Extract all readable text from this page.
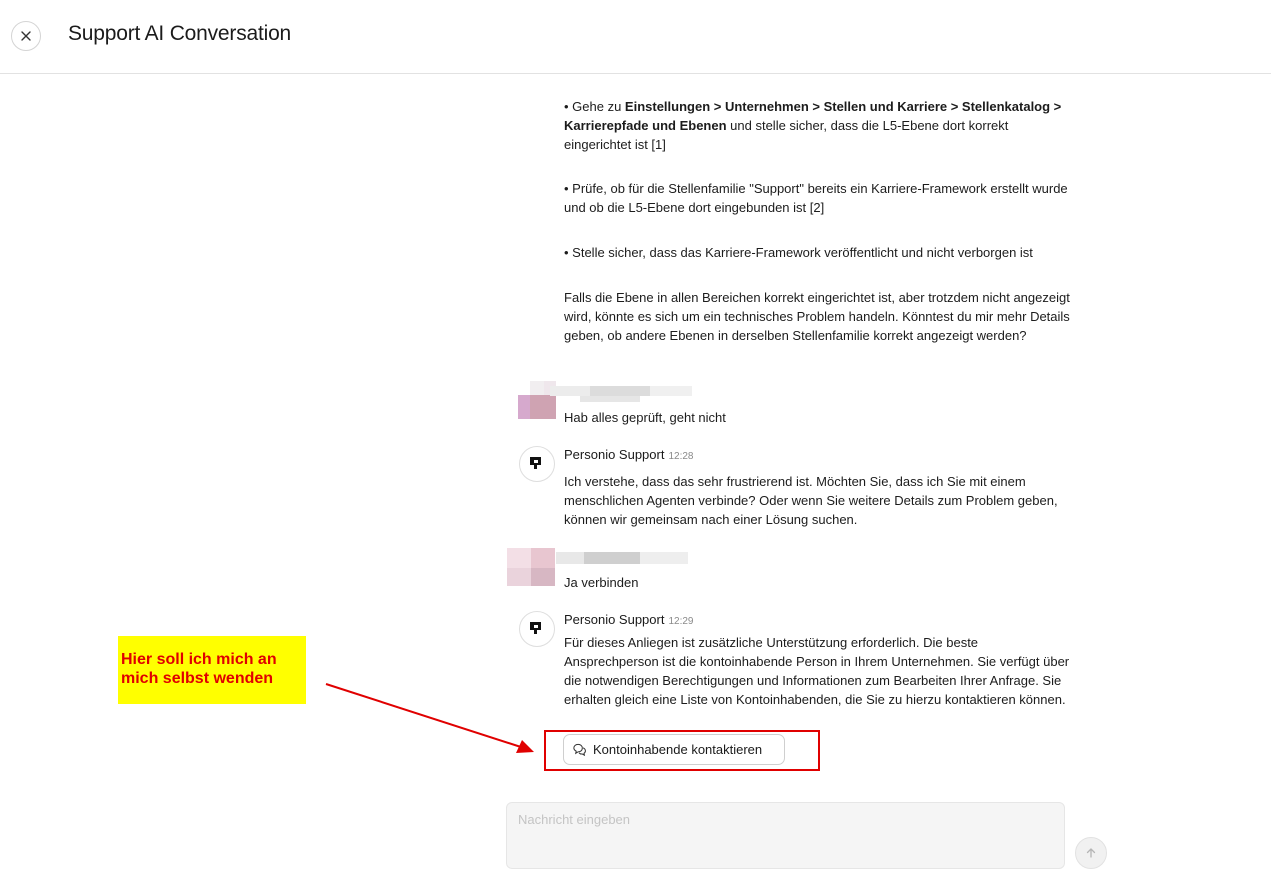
Support AI Conversation
• Gehe zu Einstellungen > Unternehmen > Stellen und Karriere > Stellenkatalog > Karrierepfade und Ebenen und stelle sicher, dass die L5-Ebene dort korrekt eingerichtet ist [1]
• Prüfe, ob für die Stellenfamilie "Support" bereits ein Karriere-Framework erstellt wurde und ob die L5-Ebene dort eingebunden ist [2]
• Stelle sicher, dass das Karriere-Framework veröffentlicht und nicht verborgen ist
Falls die Ebene in allen Bereichen korrekt eingerichtet ist, aber trotzdem nicht angezeigt wird, könnte es sich um ein technisches Problem handeln. Könntest du mir mehr Details geben, ob andere Ebenen in derselben Stellenfamilie korrekt angezeigt werden?
Hab alles geprüft, geht nicht
Personio Support 12:28
Ich verstehe, dass das sehr frustrierend ist. Möchten Sie, dass ich Sie mit einem menschlichen Agenten verbinde? Oder wenn Sie weitere Details zum Problem geben, können wir gemeinsam nach einer Lösung suchen.
Ja verbinden
Personio Support 12:29
Für dieses Anliegen ist zusätzliche Unterstützung erforderlich. Die beste Ansprechperson ist die kontoinhabende Person in Ihrem Unternehmen. Sie verfügt über die notwendigen Berechtigungen und Informationen zum Bearbeiten Ihrer Anfrage. Sie erhalten gleich eine Liste von Kontoinhabenden, die Sie zu hierzu kontaktieren können.
Kontoinhabende kontaktieren
Hier soll ich mich an mich selbst wenden
Nachricht eingeben
